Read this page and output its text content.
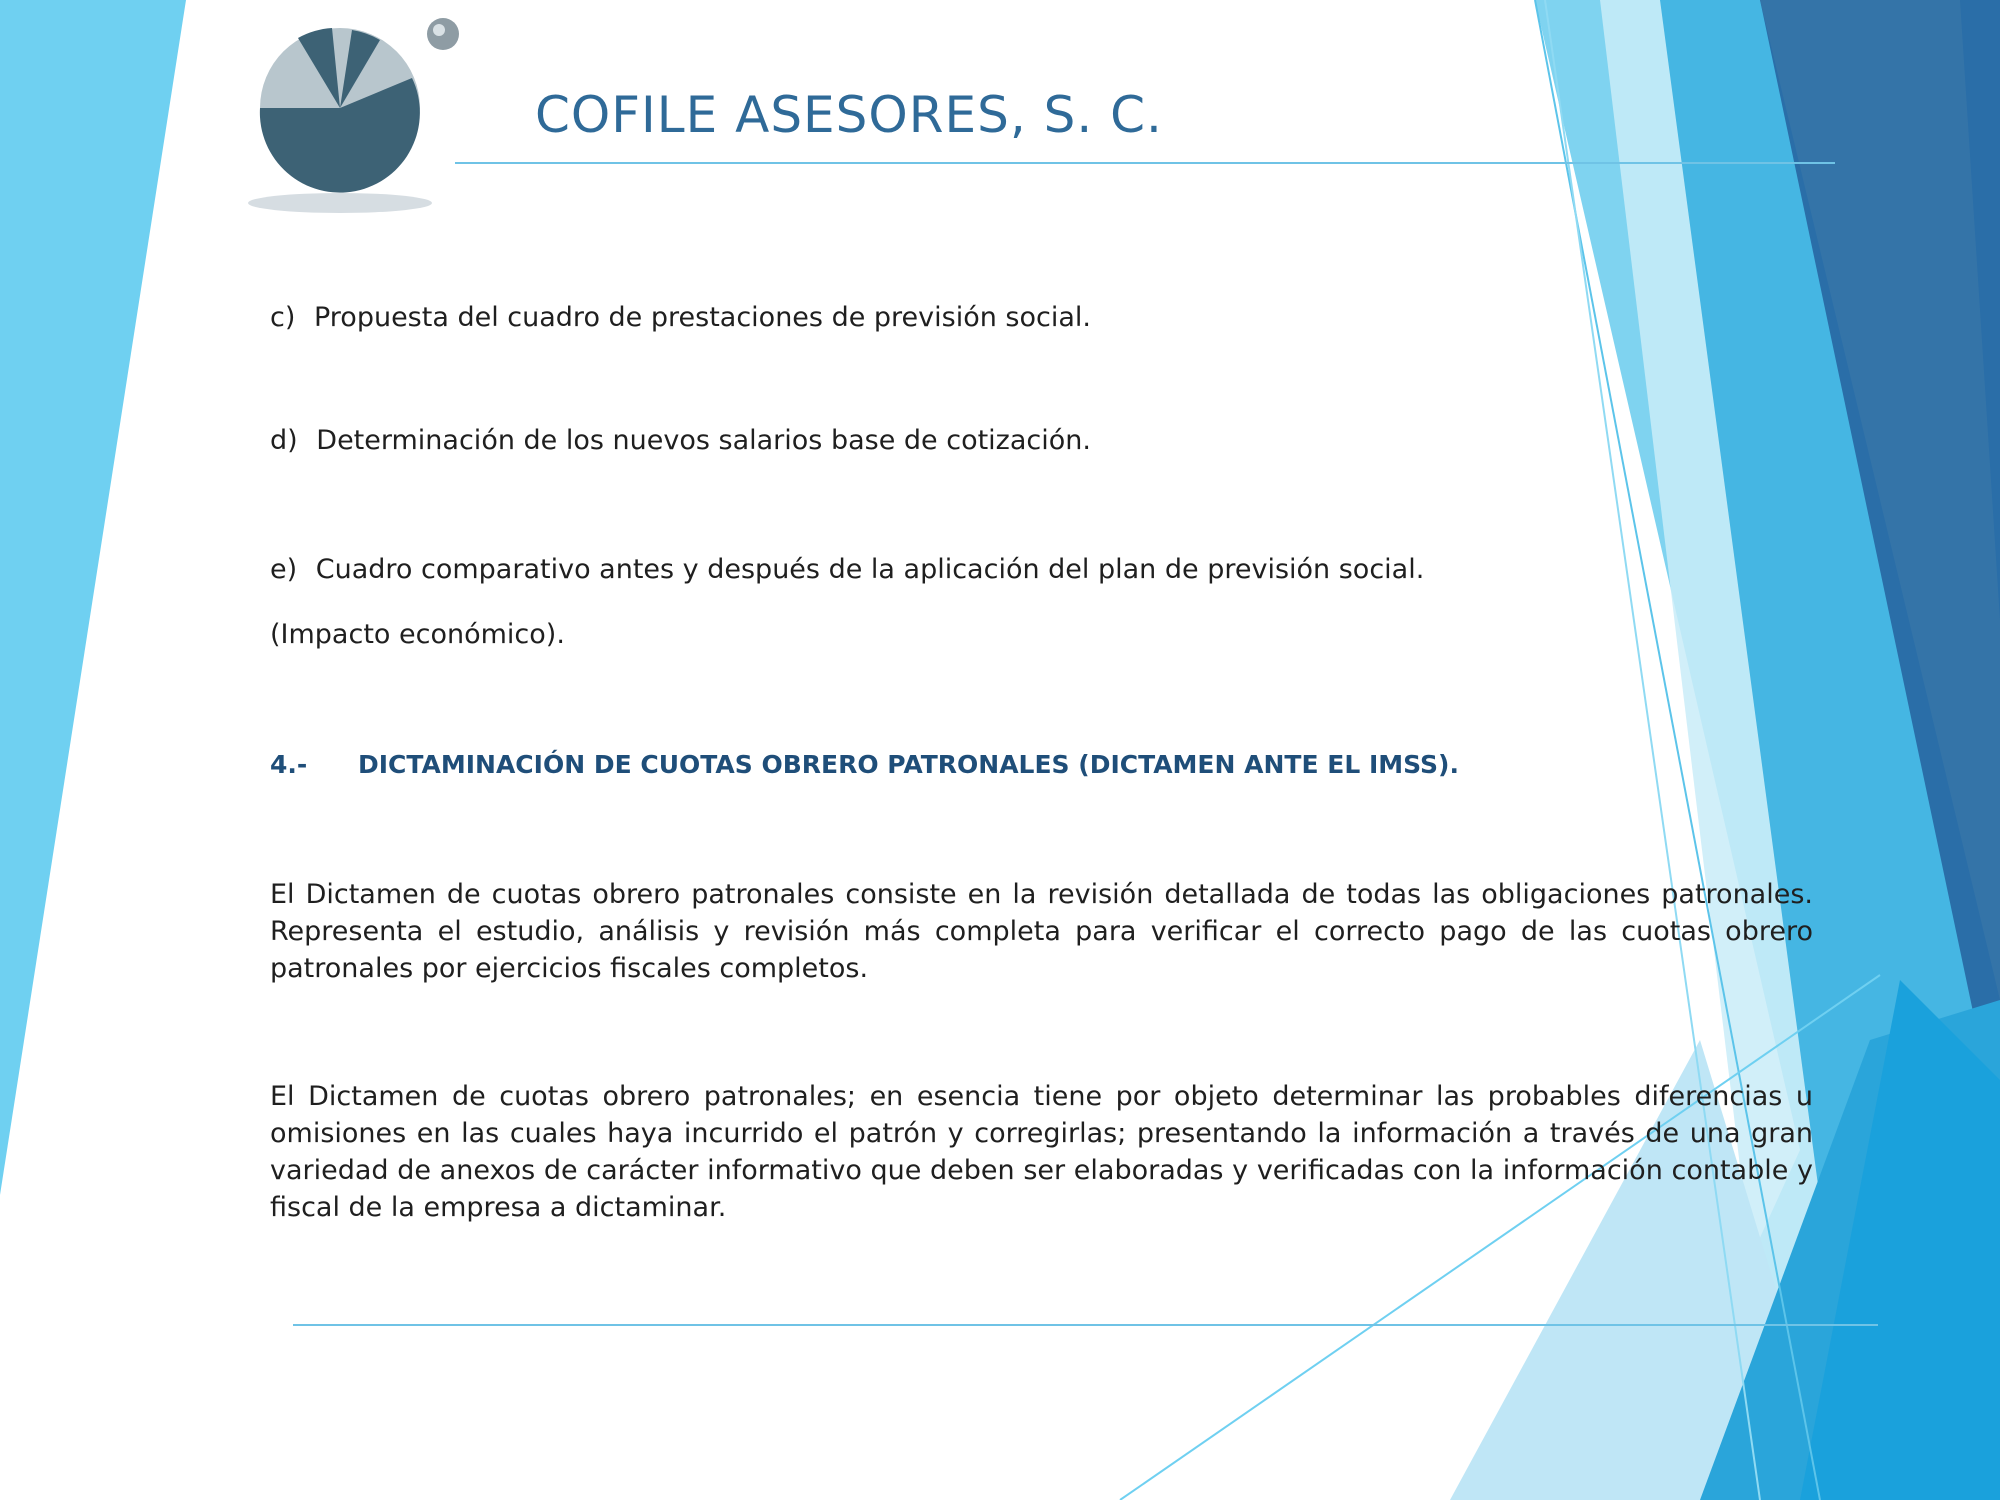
COFILE ASESORES, S. C.
c) Propuesta del cuadro de prestaciones de previsión social.
d) Determinación de los nuevos salarios base de cotización.
e) Cuadro comparativo antes y después de la aplicación del plan de previsión social.
(Impacto económico).
4.- DICTAMINACIÓN DE CUOTAS OBRERO PATRONALES (DICTAMEN ANTE EL IMSS).
El Dictamen de cuotas obrero patronales consiste en la revisión detallada de todas las obligaciones patronales. Representa el estudio, análisis y revisión más completa para verificar el correcto pago de las cuotas obrero patronales por ejercicios fiscales completos.
El Dictamen de cuotas obrero patronales; en esencia tiene por objeto determinar las probables diferencias u omisiones en las cuales haya incurrido el patrón y corregirlas; presentando la información a través de una gran variedad de anexos de carácter informativo que deben ser elaboradas y verificadas con la información contable y fiscal de la empresa a dictaminar.
